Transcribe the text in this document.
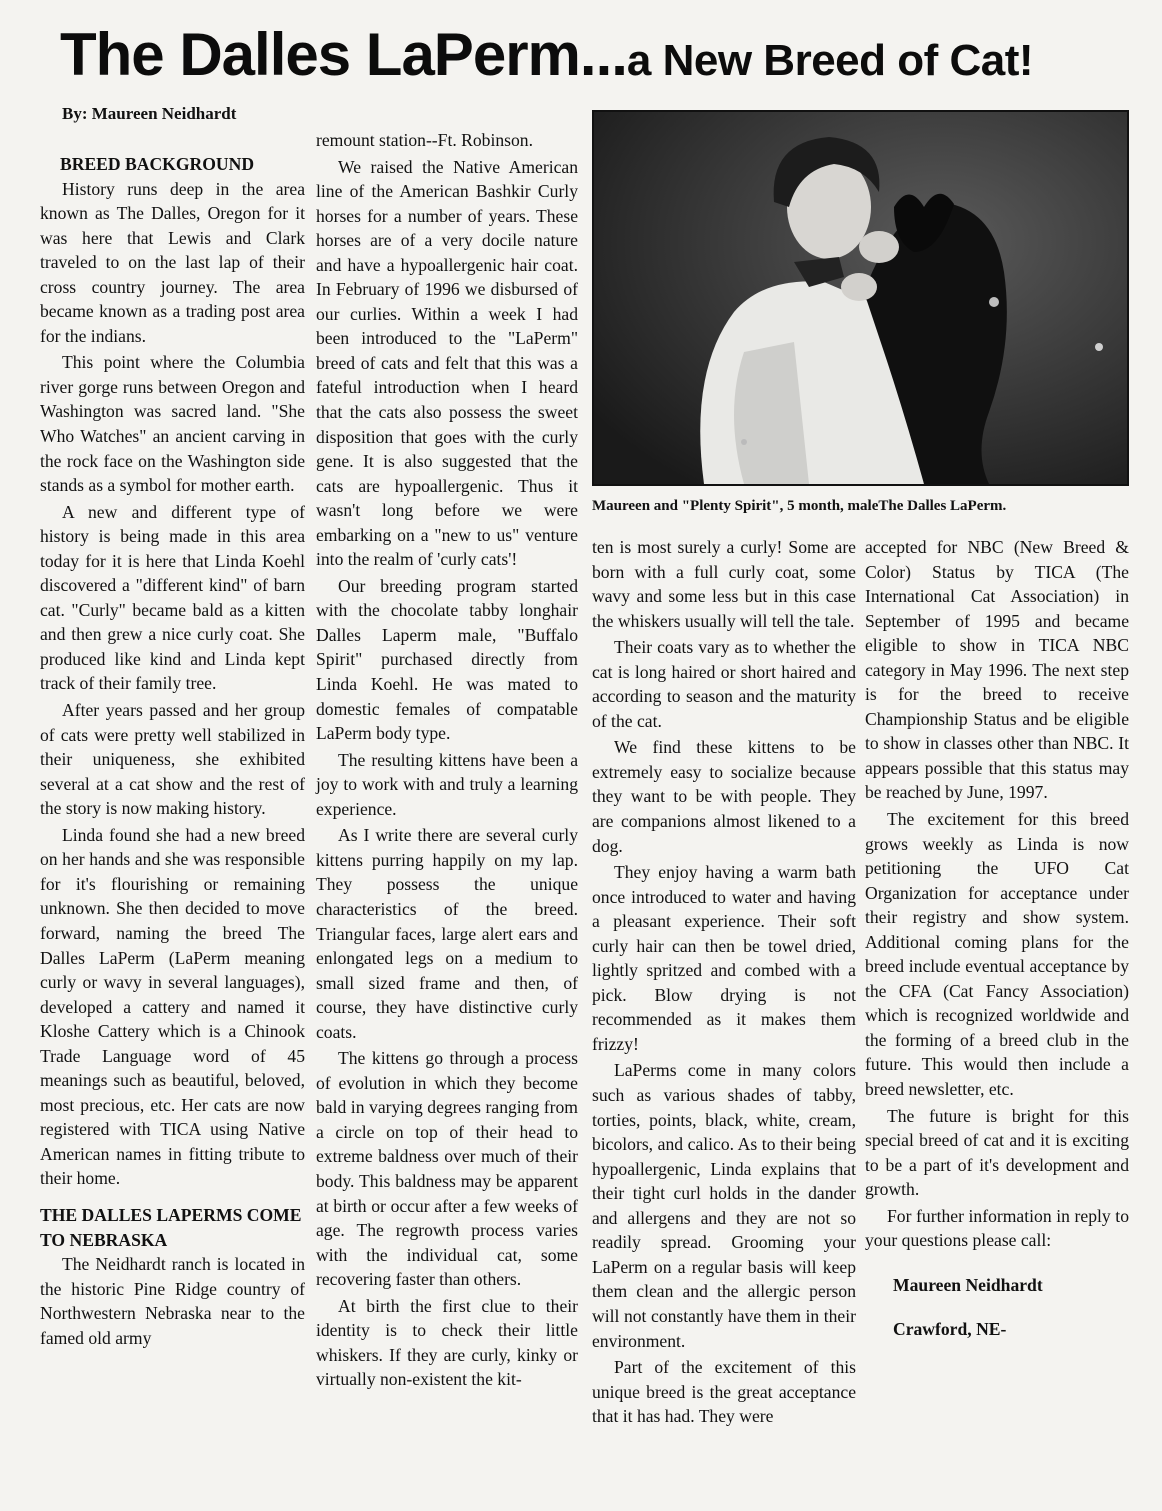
The Dalles LaPerm...a New Breed of Cat!

By: Maureen Neidhardt

Maureen and "Plenty Spirit", 5 month, maleThe Dalles LaPerm.

BREED BACKGROUND

History runs deep in the area known as The Dalles, Oregon for it was here that Lewis and Clark traveled to on the last lap of their cross country journey. The area became known as a trading post area for the indians.

This point where the Columbia river gorge runs between Oregon and Washington was sacred land. "She Who Watches" an ancient carving in the rock face on the Washington side stands as a symbol for mother earth.

A new and different type of history is being made in this area today for it is here that Linda Koehl discovered a "different kind" of barn cat. "Curly" became bald as a kitten and then grew a nice curly coat. She produced like kind and Linda kept track of their family tree.

After years passed and her group of cats were pretty well stabilized in their uniqueness, she exhibited several at a cat show and the rest of the story is now making history.

Linda found she had a new breed on her hands and she was responsible for it's flourishing or remaining unknown. She then decided to move forward, naming the breed The Dalles LaPerm (LaPerm meaning curly or wavy in several languages), developed a cattery and named it Kloshe Cattery which is a Chinook Trade Language word of 45 meanings such as beautiful, beloved, most precious, etc. Her cats are now registered with TICA using Native American names in fitting tribute to their home.

THE DALLES LAPERMS COME TO NEBRASKA

The Neidhardt ranch is located in the historic Pine Ridge country of Northwestern Nebraska near to the famed old army

remount station--Ft. Robinson.

We raised the Native American line of the American Bashkir Curly horses for a number of years. These horses are of a very docile nature and have a hypoallergenic hair coat. In February of 1996 we disbursed of our curlies. Within a week I had been introduced to the "LaPerm" breed of cats and felt that this was a fateful introduction when I heard that the cats also possess the sweet disposition that goes with the curly gene. It is also suggested that the cats are hypoallergenic. Thus it wasn't long before we were embarking on a "new to us" venture into the realm of 'curly cats'!

Our breeding program started with the chocolate tabby longhair Dalles Laperm male, "Buffalo Spirit" purchased directly from Linda Koehl. He was mated to domestic females of compatable LaPerm body type.

The resulting kittens have been a joy to work with and truly a learning experience.

As I write there are several curly kittens purring happily on my lap. They possess the unique characteristics of the breed. Triangular faces, large alert ears and enlongated legs on a medium to small sized frame and then, of course, they have distinctive curly coats.

The kittens go through a process of evolution in which they become bald in varying degrees ranging from a circle on top of their head to extreme baldness over much of their body. This baldness may be apparent at birth or occur after a few weeks of age. The regrowth process varies with the individual cat, some recovering faster than others.

At birth the first clue to their identity is to check their little whiskers. If they are curly, kinky or virtually non-existent the kit-

ten is most surely a curly! Some are born with a full curly coat, some wavy and some less but in this case the whiskers usually will tell the tale.

Their coats vary as to whether the cat is long haired or short haired and according to season and the maturity of the cat.

We find these kittens to be extremely easy to socialize because they want to be with people. They are companions almost likened to a dog.

They enjoy having a warm bath once introduced to water and having a pleasant experience. Their soft curly hair can then be towel dried, lightly spritzed and combed with a pick. Blow drying is not recommended as it makes them frizzy!

LaPerms come in many colors such as various shades of tabby, torties, points, black, white, cream, bicolors, and calico. As to their being hypoallergenic, Linda explains that their tight curl holds in the dander and allergens and they are not so readily spread. Grooming your LaPerm on a regular basis will keep them clean and the allergic person will not constantly have them in their environment.

Part of the excitement of this unique breed is the great acceptance that it has had. They were

accepted for NBC (New Breed & Color) Status by TICA (The International Cat Association) in September of 1995 and became eligible to show in TICA NBC category in May 1996. The next step is for the breed to receive Championship Status and be eligible to show in classes other than NBC. It appears possible that this status may be reached by June, 1997.

The excitement for this breed grows weekly as Linda is now petitioning the UFO Cat Organization for acceptance under their registry and show system. Additional coming plans for the breed include eventual acceptance by the CFA (Cat Fancy Association) which is recognized worldwide and the forming of a breed club in the future. This would then include a breed newsletter, etc.

The future is bright for this special breed of cat and it is exciting to be a part of it's development and growth.

For further information in reply to your questions please call:

Maureen Neidhardt

Crawford, NE-
